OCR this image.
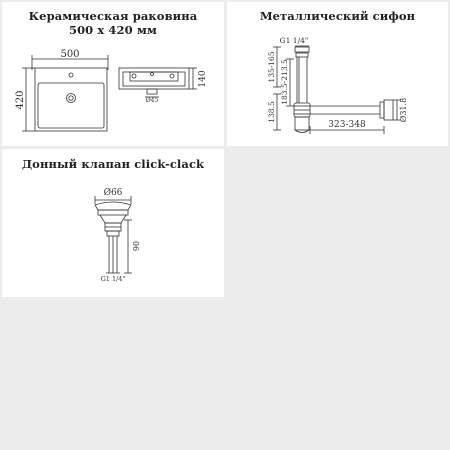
Керамическая раковина
500 х 420 мм
500
420
140
Ø45
Металлический сифон
G1 1/4"
135-165 183.5-213.5
138.5
323-348
Ø31.8
Донный клапан click-clack
Ø66
90
G1 1/4"
